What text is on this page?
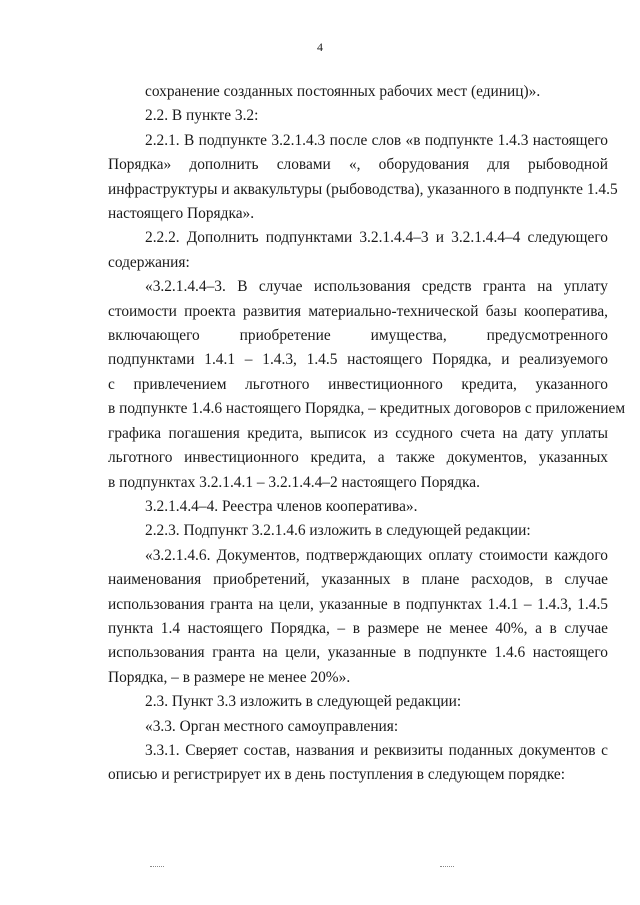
4
сохранение созданных постоянных рабочих мест (единиц)».
2.2. В пункте 3.2:
2.2.1. В подпункте 3.2.1.4.3 после слов «в подпункте 1.4.3 настоящего
Порядка» дополнить словами «, оборудования для рыбоводной
инфраструктуры и аквакультуры (рыбоводства), указанного в подпункте 1.4.5
настоящего Порядка».
2.2.2. Дополнить подпунктами 3.2.1.4.4–3 и 3.2.1.4.4–4 следующего
содержания:
«3.2.1.4.4–3. В случае использования средств гранта на уплату
стоимости проекта развития материально-технической базы кооператива,
включающего приобретение имущества, предусмотренного
подпунктами 1.4.1 – 1.4.3, 1.4.5 настоящего Порядка, и реализуемого
с привлечением льготного инвестиционного кредита, указанного
в подпункте 1.4.6 настоящего Порядка, – кредитных договоров с приложением
графика погашения кредита, выписок из ссудного счета на дату уплаты
льготного инвестиционного кредита, а также документов, указанных
в подпунктах 3.2.1.4.1 – 3.2.1.4.4–2 настоящего Порядка.
3.2.1.4.4–4. Реестра членов кооператива».
2.2.3. Подпункт 3.2.1.4.6 изложить в следующей редакции:
«3.2.1.4.6. Документов, подтверждающих оплату стоимости каждого
наименования приобретений, указанных в плане расходов, в случае
использования гранта на цели, указанные в подпунктах 1.4.1 – 1.4.3, 1.4.5
пункта 1.4 настоящего Порядка, – в размере не менее 40%, а в случае
использования гранта на цели, указанные в подпункте 1.4.6 настоящего
Порядка, – в размере не менее 20%».
2.3. Пункт 3.3 изложить в следующей редакции:
«3.3. Орган местного самоуправления:
3.3.1. Сверяет состав, названия и реквизиты поданных документов с
описью и регистрирует их в день поступления в следующем порядке:
